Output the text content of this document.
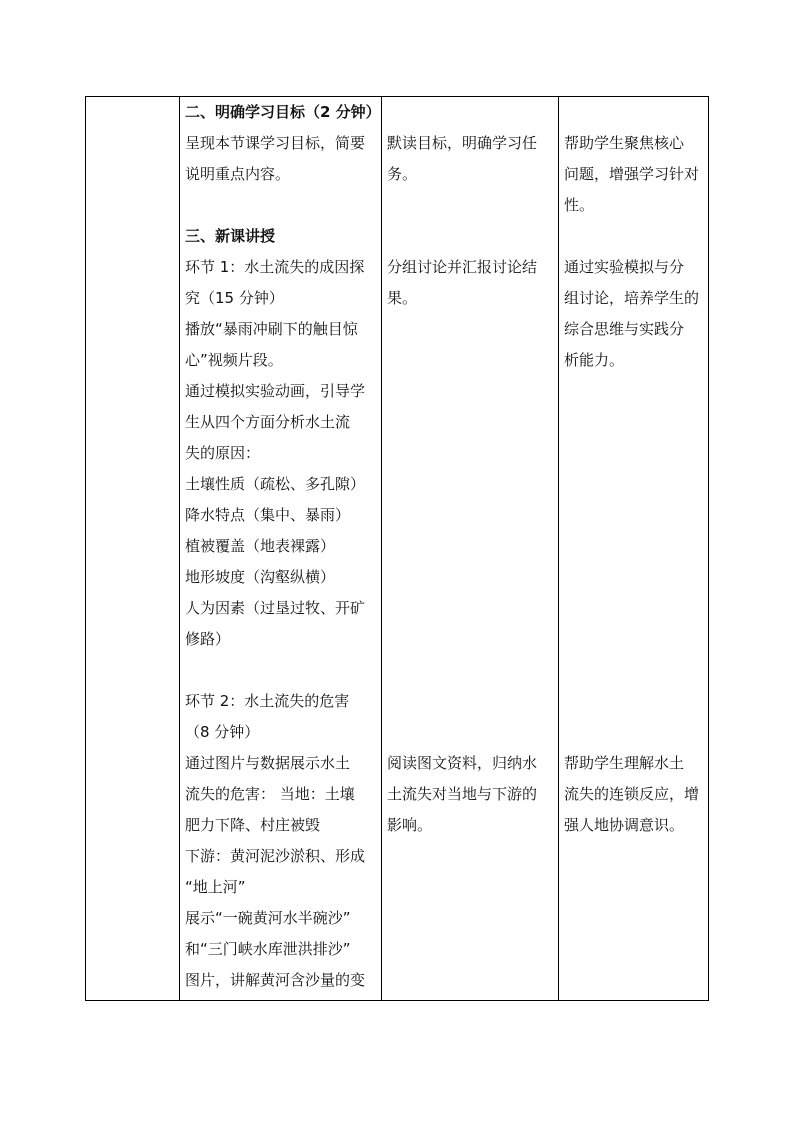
二、明确学习目标（2 分钟）
呈现本节课学习目标，简要
说明重点内容。
三、新课讲授
环节 1：水土流失的成因探
究（15 分钟）
播放“暴雨冲刷下的触目惊
心”视频片段。
通过模拟实验动画，引导学
生从四个方面分析水土流
失的原因：
土壤性质（疏松、多孔隙）
降水特点（集中、暴雨）
植被覆盖（地表裸露）
地形坡度（沟壑纵横）
人为因素（过垦过牧、开矿
修路）
环节 2：水土流失的危害
（8 分钟）
通过图片与数据展示水土
流失的危害： 当地：土壤
肥力下降、村庄被毁
下游：黄河泥沙淤积、形成
“地上河”
展示“一碗黄河水半碗沙”
和“三门峡水库泄洪排沙”
图片，讲解黄河含沙量的变
默读目标，明确学习任
务。
分组讨论并汇报讨论结
果。
阅读图文资料，归纳水
土流失对当地与下游的
影响。
帮助学生聚焦核心
问题，增强学习针对
性。
通过实验模拟与分
组讨论，培养学生的
综合思维与实践分
析能力。
帮助学生理解水土
流失的连锁反应，增
强人地协调意识。
